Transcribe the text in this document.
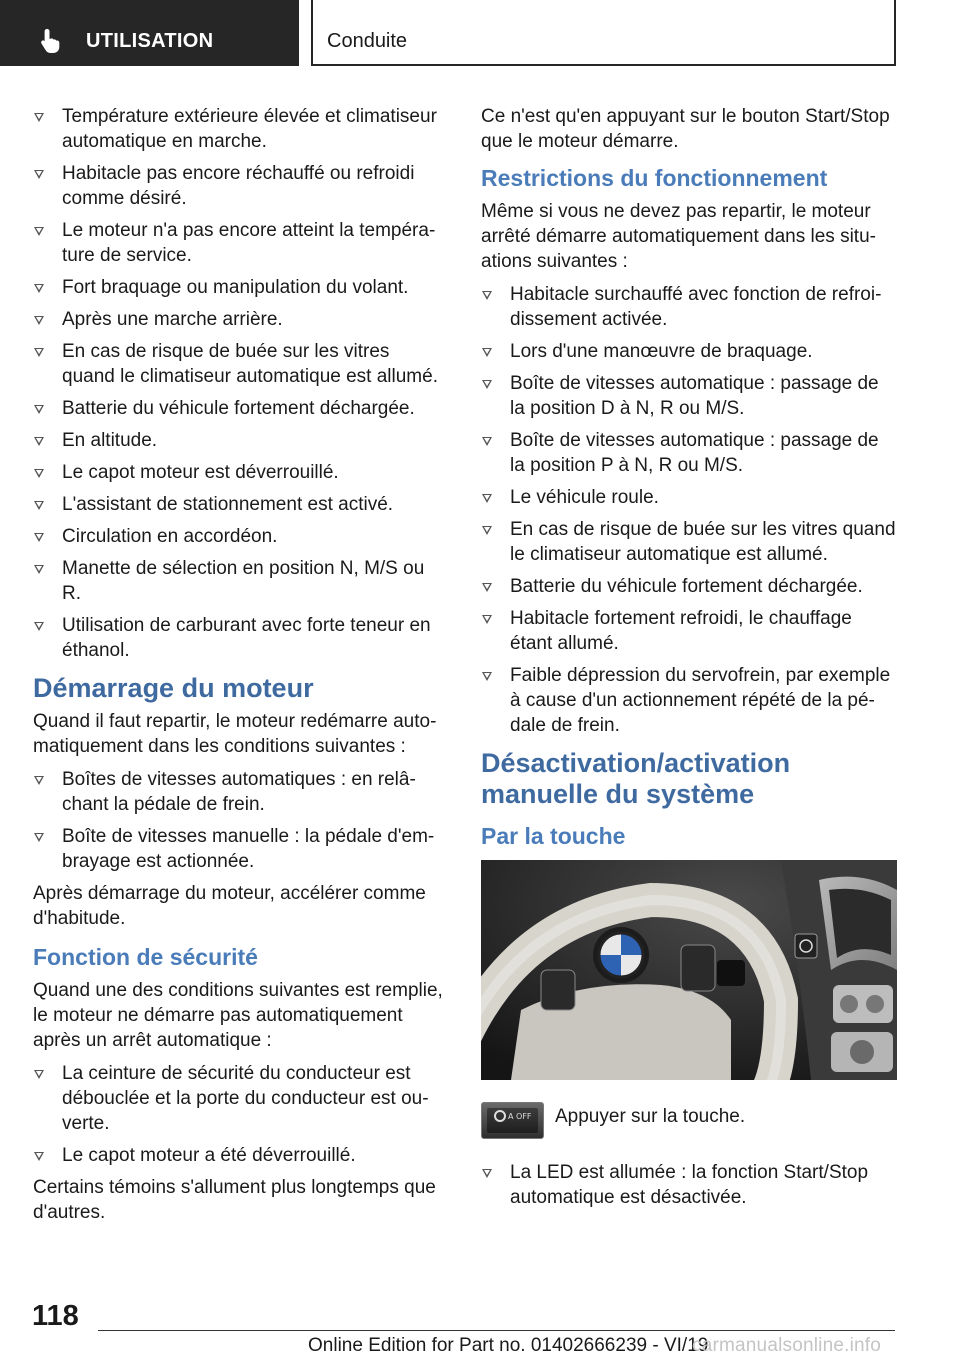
UTILISATION	Conduite
Température extérieure élevée et climatiseur automatique en marche.
Habitacle pas encore réchauffé ou refroidi comme désiré.
Le moteur n'a pas encore atteint la tempéra-ture de service.
Fort braquage ou manipulation du volant.
Après une marche arrière.
En cas de risque de buée sur les vitres quand le climatiseur automatique est allumé.
Batterie du véhicule fortement déchargée.
En altitude.
Le capot moteur est déverrouillé.
L'assistant de stationnement est activé.
Circulation en accordéon.
Manette de sélection en position N, M/S ou R.
Utilisation de carburant avec forte teneur en éthanol.
Démarrage du moteur

Quand il faut repartir, le moteur redémarre auto-matiquement dans les conditions suivantes :

Boîtes de vitesses automatiques : en relâ-chant la pédale de frein.
Boîte de vitesses manuelle : la pédale d'em-brayage est actionnée.

Après démarrage du moteur, accélérer comme d'habitude.

Fonction de sécurité

Quand une des conditions suivantes est remplie, le moteur ne démarre pas automatiquement après un arrêt automatique :

La ceinture de sécurité du conducteur est débouclée et la porte du conducteur est ou-verte.
Le capot moteur a été déverrouillé.

Certains témoins s'allument plus longtemps que d'autres.

Ce n'est qu'en appuyant sur le bouton Start/Stop que le moteur démarre.

Restrictions du fonctionnement

Même si vous ne devez pas repartir, le moteur arrêté démarre automatiquement dans les situ-ations suivantes :

Habitacle surchauffé avec fonction de refroi-dissement activée.
Lors d'une manœuvre de braquage.
Boîte de vitesses automatique : passage de la position D à N, R ou M/S.
Boîte de vitesses automatique : passage de la position P à N, R ou M/S.
Le véhicule roule.
En cas de risque de buée sur les vitres quand le climatiseur automatique est allumé.
Batterie du véhicule fortement déchargée.
Habitacle fortement refroidi, le chauffage étant allumé.
Faible dépression du servofrein, par exemple à cause d'un actionnement répété de la pé-dale de frein.
Désactivation/activation manuelle du système
Par la touche
A OFF Appuyer sur la touche.
La LED est allumée : la fonction Start/Stop automatique est désactivée.
118
Online Edition for Part no. 01402666239 - VI/19
carmanualsonline.info
